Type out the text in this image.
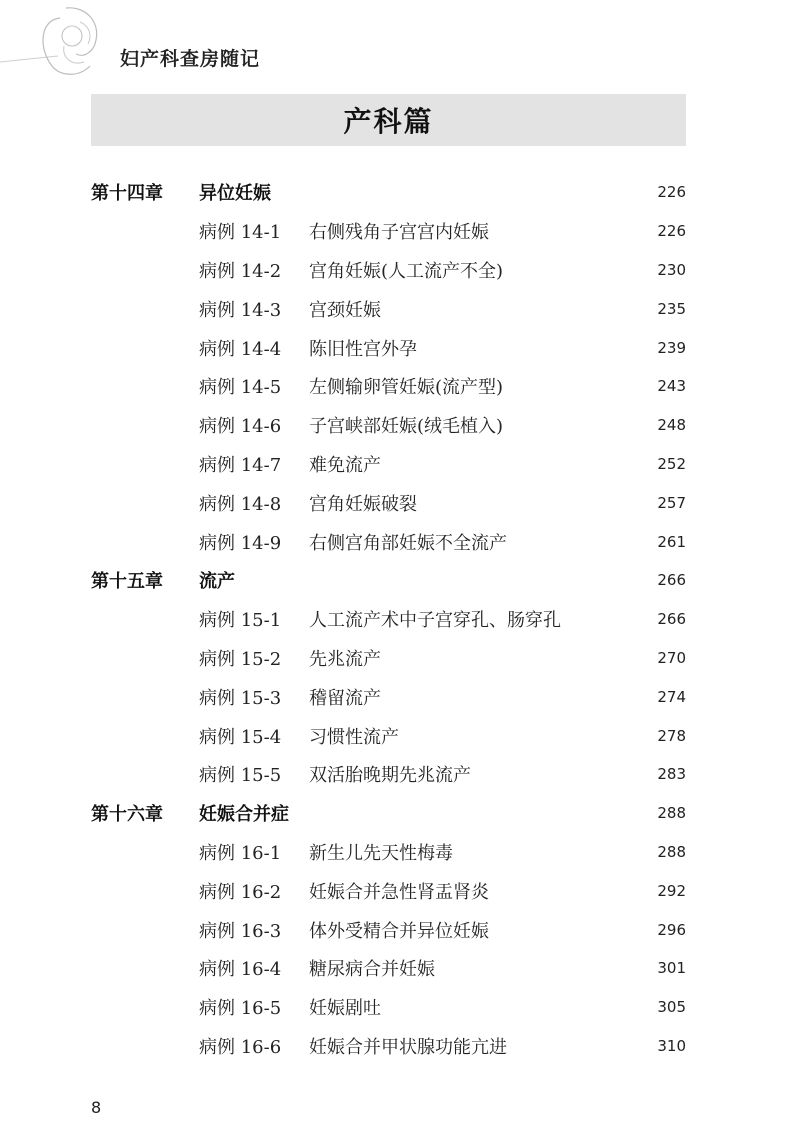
妇产科查房随记
产科篇
第十四章	异位妊娠	226
病例 14-1	右侧残角子宫宫内妊娠	226
病例 14-2	宫角妊娠(人工流产不全)	230
病例 14-3	宫颈妊娠	235
病例 14-4	陈旧性宫外孕	239
病例 14-5	左侧输卵管妊娠(流产型)	243
病例 14-6	子宫峡部妊娠(绒毛植入)	248
病例 14-7	难免流产	252
病例 14-8	宫角妊娠破裂	257
病例 14-9	右侧宫角部妊娠不全流产	261
第十五章	流产	266
病例 15-1	人工流产术中子宫穿孔、肠穿孔	266
病例 15-2	先兆流产	270
病例 15-3	稽留流产	274
病例 15-4	习惯性流产	278
病例 15-5	双活胎晚期先兆流产	283
第十六章	妊娠合并症	288
病例 16-1	新生儿先天性梅毒	288
病例 16-2	妊娠合并急性肾盂肾炎	292
病例 16-3	体外受精合并异位妊娠	296
病例 16-4	糖尿病合并妊娠	301
病例 16-5	妊娠剧吐	305
病例 16-6	妊娠合并甲状腺功能亢进	310
8
